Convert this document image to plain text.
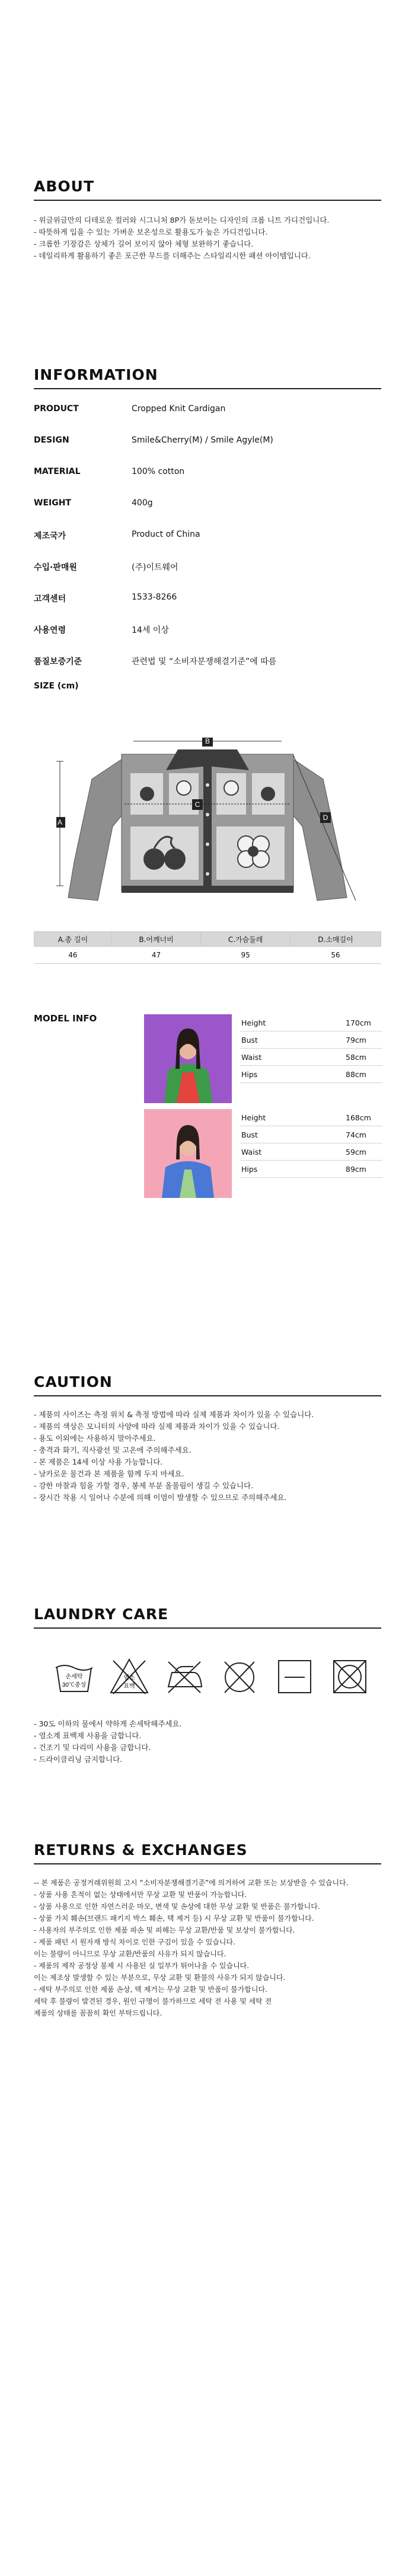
ABOUT
- 위글위글만의 디테로운 컬러와 시그니처 8P가 돋보이는 디자인의 크롭 니트 가디건입니다.
- 따뜻하게 입을 수 있는 가벼운 보온성으로 활용도가 높은 가디건입니다.
- 크롭한 기장감은 상체가 길어 보이지 않아 체형 보완하기 좋습니다.
- 데일리하게 활용하기 좋은 포근한 무드를 더해주는 스타일리시한 패션 아이템입니다.
INFORMATION
PRODUCT	Cropped Knit Cardigan
DESIGN	Smile&Cherry(M) / Smile Agyle(M)
MATERIAL	100% cotton
WEIGHT	400g
제조국가	Product of China
수입·판매원	(주)이트웨어
고객센터	1533-8266
사용연령	14세 이상
품질보증기준	관련법 및 “소비자분쟁해결기준”에 따름
SIZE (cm)
A
B
C
D
A.총 길이	B.어깨너비	C.가슴둘레	D.소매길이
46	47	95	56
MODEL INFO	Height	170cm
Bust	79cm
Waist	58cm
Hips	88cm
Height	168cm
Bust	74cm
Waist	59cm
Hips	89cm
CAUTION
- 제품의 사이즈는 측정 위치 & 측정 방법에 따라 실제 제품과 차이가 있을 수 있습니다.
- 제품의 색상은 모니터의 사양에 따라 실제 제품과 차이가 있을 수 있습니다.
- 용도 이외에는 사용하지 말아주세요.
- 충격과 화기, 직사광선 및 고온에 주의해주세요.
- 본 제품은 14세 이상 사용 가능합니다.
- 날카로운 물건과 본 제품을 함께 두지 마세요.
- 강한 마찰과 힘을 가할 경우, 봉제 부분 올풀림이 생길 수 있습니다.
- 장시간 착용 시 일어나 수분에 의해 이염이 발생할 수 있으므로 주의해주세요.
LAUNDRY CARE
손세탁
30℃중성
염소
표백
- 30도 이하의 물에서 약하게 손세탁해주세요.
- 염소계 표백제 사용을 금합니다.
- 건조기 및 다리미 사용을 금합니다.
- 드라이클리닝 금지합니다.
RETURNS & EXCHANGES
-- 본 제품은 공정거래위원회 고시 “소비자분쟁해결기준”에 의거하여 교환 또는 보상받을 수 있습니다.
- 상품 사용 흔적이 없는 상태에서만 무상 교환 및 반품이 가능합니다.
- 상품 사용으로 인한 자연스러운 마모, 변색 및 손상에 대한 무상 교환 및 반품은 불가합니다.
- 상품 가치 훼손(브랜드 패키지 박스 훼손, 택 제거 등) 시 무상 교환 및 반품이 불가합니다.
- 사용자의 부주의로 인한 제품 파손 및 피해는 무상 교환/반품 및 보상이 불가합니다.
- 제품 패턴 시 원자재 방식 차이로 인한 구김이 있을 수 있습니다.
이는 불량이 아니므로 무상 교환/반품의 사유가 되지 않습니다.
- 제품의 제작 공정상 봉제 시 사용된 실 일부가 튀어나올 수 있습니다.
이는 제조상 발생할 수 있는 부분으로, 무상 교환 및 환불의 사유가 되지 않습니다.
- 세탁 부주의로 인한 제품 손상, 택 제거는 무상 교환 및 반품이 불가합니다.
세탁 후 불량이 발견된 경우, 원인 규명이 불가하므로 세탁 전 사용 및 세탁 전
제품의 상태를 꼼꼼히 확인 부탁드립니다.
